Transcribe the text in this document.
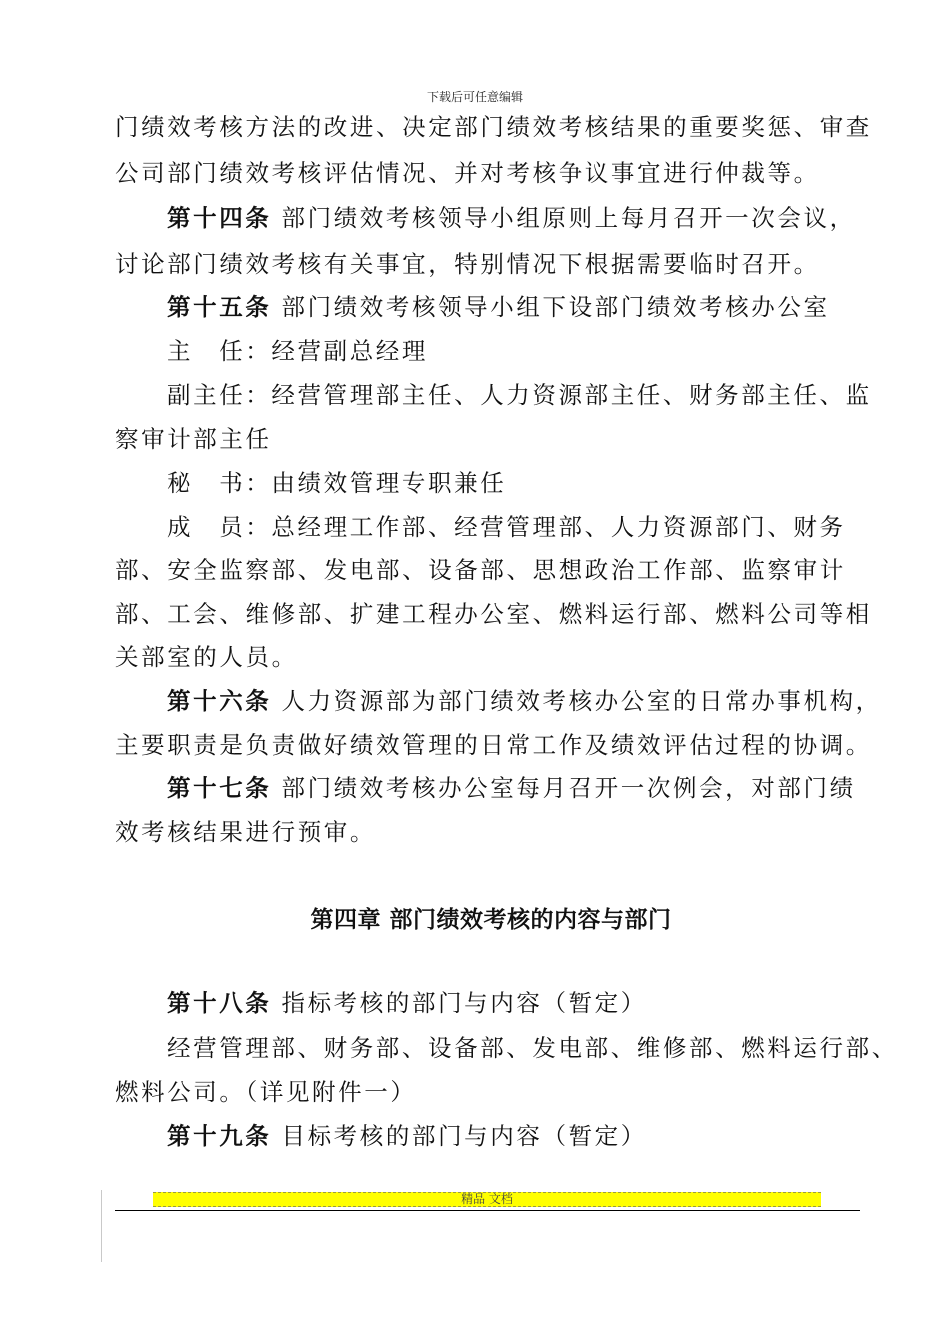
下载后可任意编辑
门绩效考核方法的改进、决定部门绩效考核结果的重要奖惩、审查
公司部门绩效考核评估情况、并对考核争议事宜进行仲裁等。
第十四条 部门绩效考核领导小组原则上每月召开一次会议，
讨论部门绩效考核有关事宜，特别情况下根据需要临时召开。
第十五条 部门绩效考核领导小组下设部门绩效考核办公室
主　任：经营副总经理
副主任：经营管理部主任、人力资源部主任、财务部主任、监
察审计部主任
秘　书：由绩效管理专职兼任
成　员：总经理工作部、经营管理部、人力资源部门、财务
部、安全监察部、发电部、设备部、思想政治工作部、监察审计
部、工会、维修部、扩建工程办公室、燃料运行部、燃料公司等相
关部室的人员。
第十六条 人力资源部为部门绩效考核办公室的日常办事机构，
主要职责是负责做好绩效管理的日常工作及绩效评估过程的协调。
第十七条 部门绩效考核办公室每月召开一次例会，对部门绩
效考核结果进行预审。
第四章 部门绩效考核的内容与部门
第十八条 指标考核的部门与内容（暂定）
经营管理部、财务部、设备部、发电部、维修部、燃料运行部、
燃料公司。（详见附件一）
第十九条 目标考核的部门与内容（暂定）
精品 文档
